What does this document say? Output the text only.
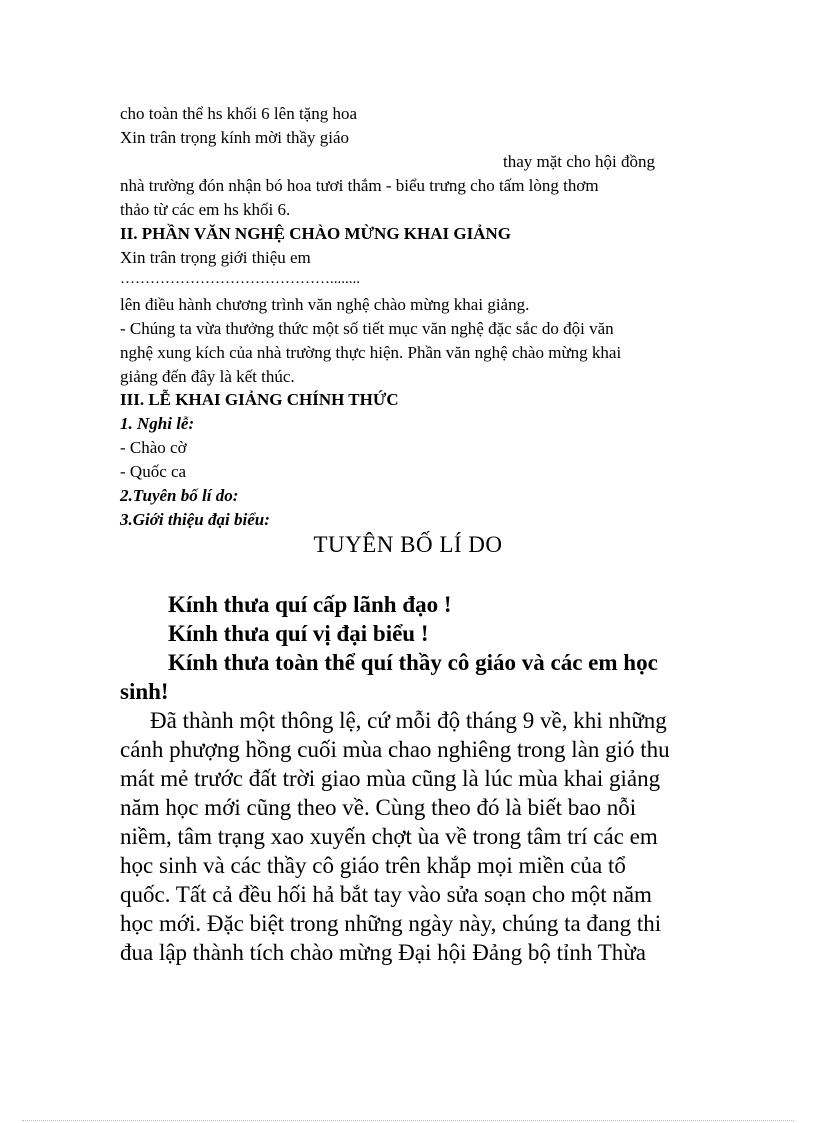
cho toàn thể hs khối 6 lên tặng hoa
Xin trân trọng kính mời thầy giáo
thay mặt cho hội đồng
nhà trường đón nhận bó hoa tươi thắm - biểu trưng cho tấm lòng thơm
thảo từ các em hs khối 6.
II. PHẦN VĂN NGHỆ CHÀO MỪNG KHAI GIẢNG
Xin trân trọng giới thiệu em
……………………………………........
lên điều hành chương trình văn nghệ chào mừng khai giảng.
- Chúng ta vừa thưởng thức một số tiết mục văn nghệ đặc sắc do đội văn
nghệ xung kích của nhà trường thực hiện. Phần văn nghệ chào mừng khai
giảng đến đây là kết thúc.
III. LỄ KHAI GIẢNG CHÍNH THỨC
1. Nghi lễ:
- Chào cờ
- Quốc ca
2.Tuyên bố lí do:
3.Giới thiệu đại biểu:
TUYÊN BỐ LÍ DO
Kính thưa quí cấp lãnh đạo !
Kính thưa quí vị đại biểu !
Kính thưa toàn thể quí thầy cô giáo và các em học
sinh!
Đã thành một thông lệ, cứ mỗi độ tháng 9 về, khi những
cánh phượng hồng cuối mùa chao nghiêng trong làn gió thu
mát mẻ trước đất trời giao mùa cũng là lúc mùa khai giảng
năm học mới cũng theo về. Cùng theo đó là biết bao nỗi
niềm, tâm trạng xao xuyến chợt ùa về trong tâm trí các em
học sinh và các thầy cô giáo trên khắp mọi miền của tổ
quốc. Tất cả đều hối hả bắt tay vào sửa soạn cho một năm
học mới. Đặc biệt trong những ngày này, chúng ta đang thi
đua lập thành tích chào mừng Đại hội Đảng bộ tỉnh Thừa
